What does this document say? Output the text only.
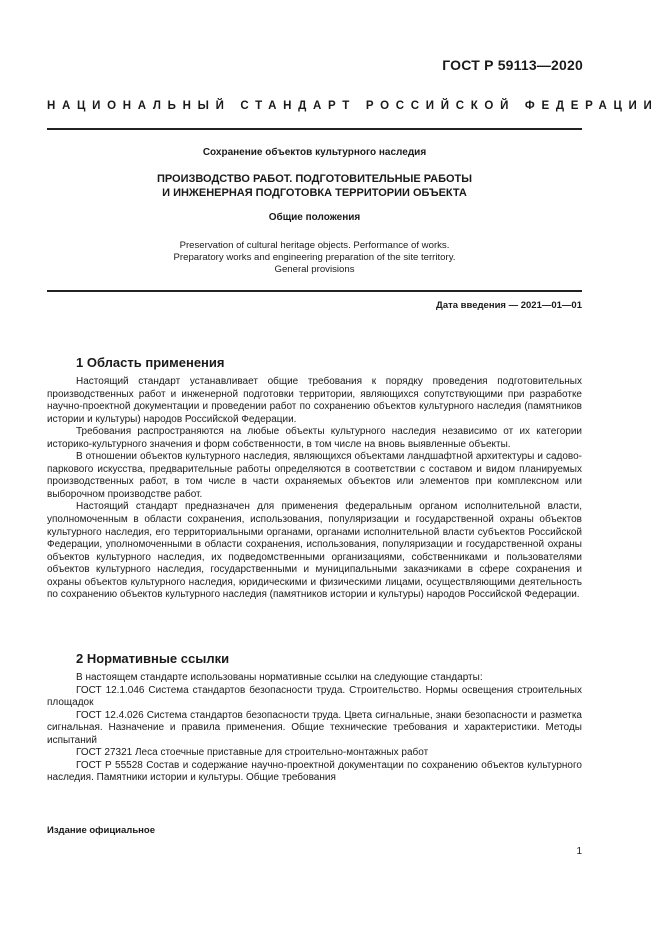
ГОСТ Р 59113—2020
НАЦИОНАЛЬНЫЙ СТАНДАРТ РОССИЙСКОЙ ФЕДЕРАЦИИ
Сохранение объектов культурного наследия
ПРОИЗВОДСТВО РАБОТ. ПОДГОТОВИТЕЛЬНЫЕ РАБОТЫ
И ИНЖЕНЕРНАЯ ПОДГОТОВКА ТЕРРИТОРИИ ОБЪЕКТА
Общие положения
Preservation of cultural heritage objects. Performance of works.
Preparatory works and engineering preparation of the site territory.
General provisions
Дата введения — 2021—01—01
1 Область применения

Настоящий стандарт устанавливает общие требования к порядку проведения подготовительных производственных работ и инженерной подготовки территории, являющихся сопутствующими при разработке научно-проектной документации и проведении работ по сохранению объектов культурного наследия (памятников истории и культуры) народов Российской Федерации.

Требования распространяются на любые объекты культурного наследия независимо от их категории историко-культурного значения и форм собственности, в том числе на вновь выявленные объекты.

В отношении объектов культурного наследия, являющихся объектами ландшафтной архитектуры и садово-паркового искусства, предварительные работы определяются в соответствии с составом и видом планируемых производственных работ, в том числе в части охраняемых объектов или элементов при комплексном или выборочном производстве работ.

Настоящий стандарт предназначен для применения федеральным органом исполнительной власти, уполномоченным в области сохранения, использования, популяризации и государственной охраны объектов культурного наследия, его территориальными органами, органами исполнительной власти субъектов Российской Федерации, уполномоченными в области сохранения, использования, популяризации и государственной охраны объектов культурного наследия, их подведомственными организациями, собственниками и пользователями объектов культурного наследия, государственными и муниципальными заказчиками в сфере сохранения и охраны объектов культурного наследия, юридическими и физическими лицами, осуществляющими деятельность по сохранению объектов культурного наследия (памятников истории и культуры) народов Российской Федерации.

2 Нормативные ссылки

В настоящем стандарте использованы нормативные ссылки на следующие стандарты:

ГОСТ 12.1.046 Система стандартов безопасности труда. Строительство. Нормы освещения строительных площадок

ГОСТ 12.4.026 Система стандартов безопасности труда. Цвета сигнальные, знаки безопасности и разметка сигнальная. Назначение и правила применения. Общие технические требования и характеристики. Методы испытаний

ГОСТ 27321 Леса стоечные приставные для строительно-монтажных работ

ГОСТ Р 55528 Состав и содержание научно-проектной документации по сохранению объектов культурного наследия. Памятники истории и культуры. Общие требования

Издание официальное
1
